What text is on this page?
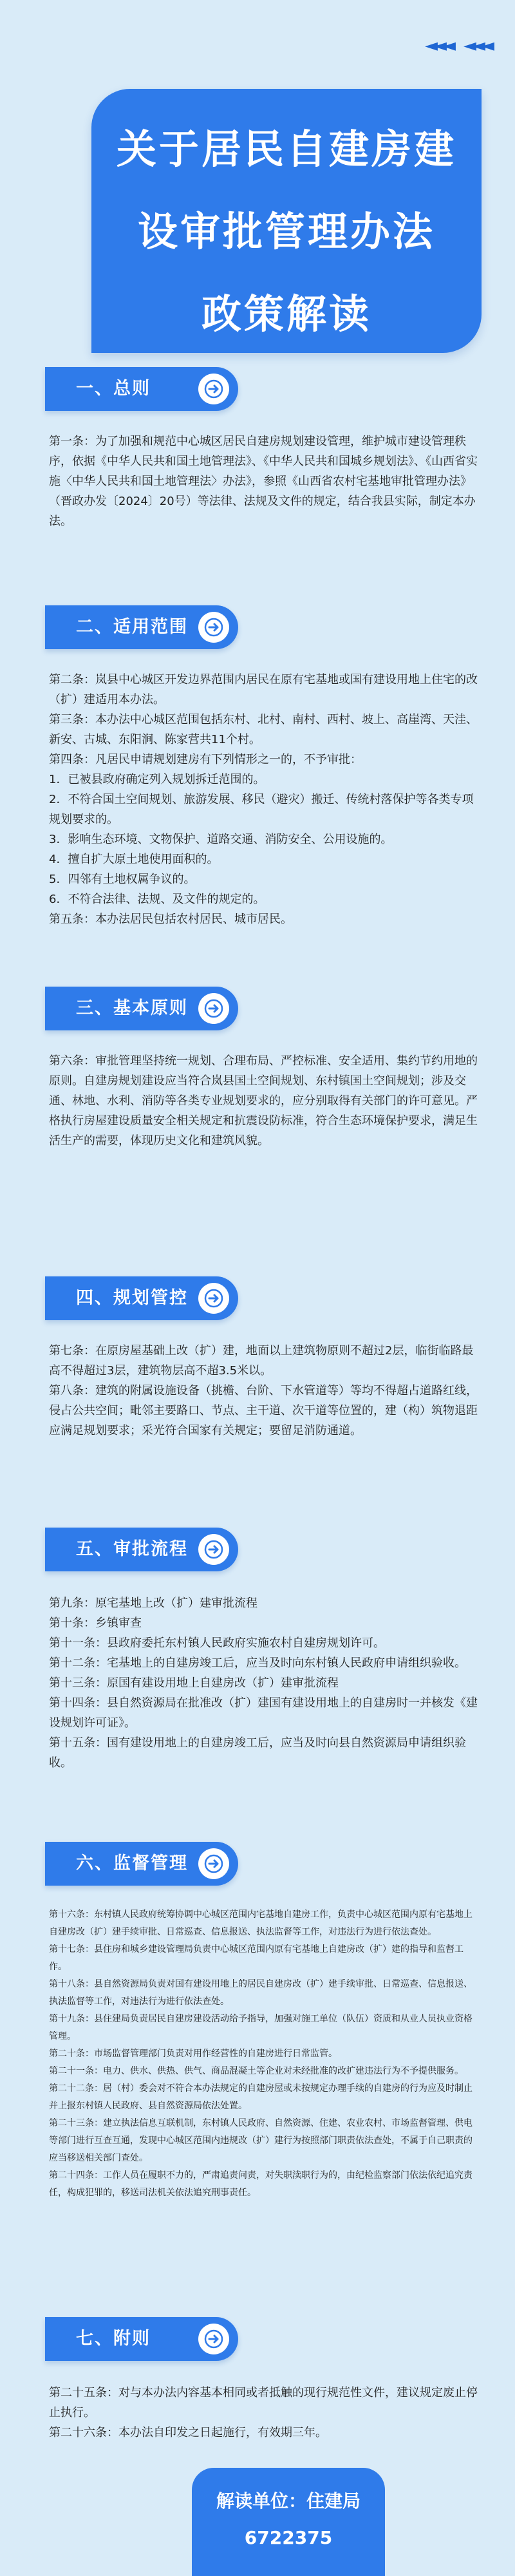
◄◄◄ ◄◄◄
关于居民自建房建
设审批管理办法
政策解读
一、总则

第一条：为了加强和规范中心城区居民自建房规划建设管理，维护城市建设管理秩序，依据《中华人民共和国土地管理法》、《中华人民共和国城乡规划法》、《山西省实施〈中华人民共和国土地管理法〉办法》，参照《山西省农村宅基地审批管理办法》（晋政办发〔2024〕20号）等法律、法规及文件的规定，结合我县实际，制定本办法。

二、适用范围

第二条：岚县中心城区开发边界范围内居民在原有宅基地或国有建设用地上住宅的改（扩）建适用本办法。

第三条：本办法中心城区范围包括东村、北村、南村、西村、坡上、高崖湾、天洼、新安、古城、东阳涧、陈家营共11个村。

第四条：凡居民申请规划建房有下列情形之一的，不予审批：

1．已被县政府确定列入规划拆迁范围的。

2．不符合国土空间规划、旅游发展、移民（避灾）搬迁、传统村落保护等各类专项规划要求的。

3．影响生态环境、文物保护、道路交通、消防安全、公用设施的。

4．擅自扩大原土地使用面积的。

5．四邻有土地权属争议的。

6．不符合法律、法规、及文件的规定的。

第五条：本办法居民包括农村居民、城市居民。

三、基本原则

第六条：审批管理坚持统一规划、合理布局、严控标准、安全适用、集约节约用地的原则。自建房规划建设应当符合岚县国土空间规划、东村镇国土空间规划；涉及交通、林地、水利、消防等各类专业规划要求的，应分别取得有关部门的许可意见。严格执行房屋建设质量安全相关规定和抗震设防标准，符合生态环境保护要求，满足生活生产的需要，体现历史文化和建筑风貌。

四、规划管控

第七条：在原房屋基础上改（扩）建，地面以上建筑物原则不超过2层，临街临路最高不得超过3层，建筑物层高不超3.5米以。

第八条：建筑的附属设施设备（挑檐、台阶、下水管道等）等均不得超占道路红线，侵占公共空间；毗邻主要路口、节点、主干道、次干道等位置的，建（构）筑物退距应满足规划要求；采光符合国家有关规定；要留足消防通道。

五、审批流程

第九条：原宅基地上改（扩）建审批流程

第十条：乡镇审查

第十一条：县政府委托东村镇人民政府实施农村自建房规划许可。

第十二条：宅基地上的自建房竣工后，应当及时向东村镇人民政府申请组织验收。

第十三条：原国有建设用地上自建房改（扩）建审批流程

第十四条：县自然资源局在批准改（扩）建国有建设用地上的自建房时一并核发《建设规划许可证》。

第十五条：国有建设用地上的自建房竣工后，应当及时向县自然资源局申请组织验收。

六、监督管理

第十六条：东村镇人民政府统筹协调中心城区范围内宅基地自建房工作，负责中心城区范围内原有宅基地上自建房改（扩）建手续审批、日常巡查、信息报送、执法监督等工作，对违法行为进行依法查处。

第十七条：县住房和城乡建设管理局负责中心城区范围内原有宅基地上自建房改（扩）建的指导和监督工作。

第十八条：县自然资源局负责对国有建设用地上的居民自建房改（扩）建手续审批、日常巡查、信息报送、执法监督等工作，对违法行为进行依法查处。

第十九条：县住建局负责居民自建房建设活动给予指导，加强对施工单位（队伍）资质和从业人员执业资格管理。

第二十条：市场监督管理部门负责对用作经营性的自建房进行日常监管。

第二十一条：电力、供水、供热、供气、商品混凝土等企业对未经批准的改扩建违法行为不予提供服务。

第二十二条：居（村）委会对不符合本办法规定的自建房屋或未按规定办理手续的自建房的行为应及时制止并上报东村镇人民政府、县自然资源局依法处置。

第二十三条：建立执法信息互联机制，东村镇人民政府、自然资源、住建、农业农村、市场监督管理、供电等部门进行互查互通，发现中心城区范围内违规改（扩）建行为按照部门职责依法查处，不属于自己职责的应当移送相关部门查处。

第二十四条：工作人员在履职不力的，严肃追责问责，对失职渎职行为的，由纪检监察部门依法依纪追究责任，构成犯罪的，移送司法机关依法追究刑事责任。

七、附则

第二十五条：对与本办法内容基本相同或者抵触的现行规范性文件，建议规定废止停止执行。

第二十六条：本办法自印发之日起施行，有效期三年。

解读单位：住建局
6722375
